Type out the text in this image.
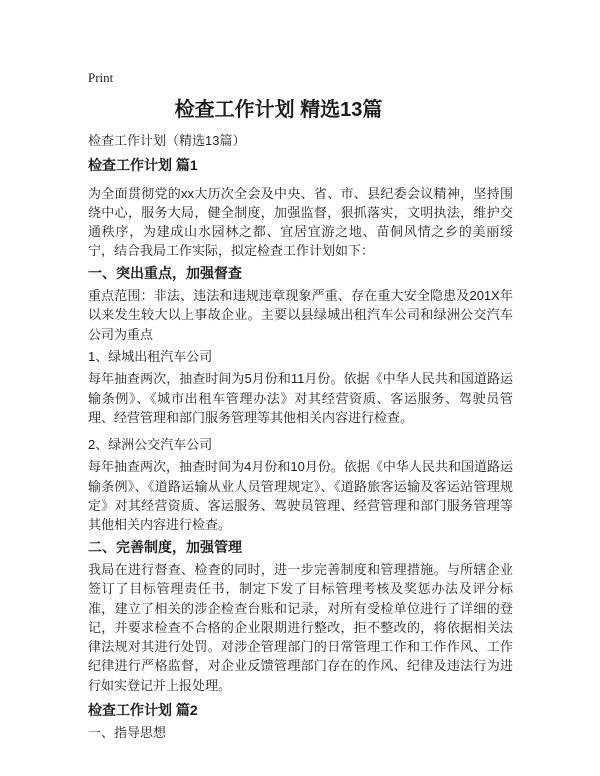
Print
检查工作计划 精选13篇
检查工作计划（精选13篇）
检查工作计划 篇1
为全面贯彻党的xx大历次全会及中央、省、市、县纪委会议精神，坚持围绕中心，服务大局，健全制度，加强监督，狠抓落实，文明执法，维护交通秩序，为建成山水园林之都、宜居宜游之地、苗侗风情之乡的美丽绥宁，结合我局工作实际，拟定检查工作计划如下：
一、突出重点，加强督查
重点范围：非法、违法和违规违章现象严重、存在重大安全隐患及201X年以来发生较大以上事故企业。主要以县绿城出租汽车公司和绿洲公交汽车公司为重点
1、绿城出租汽车公司
每年抽查两次，抽查时间为5月份和11月份。依据《中华人民共和国道路运输条例》、《城市出租车管理办法》对其经营资质、客运服务、驾驶员管理、经营管理和部门服务管理等其他相关内容进行检查。
2、绿洲公交汽车公司
每年抽查两次，抽查时间为4月份和10月份。依据《中华人民共和国道路运输条例》、《道路运输从业人员管理规定》、《道路旅客运输及客运站管理规定》对其经营资质、客运服务、驾驶员管理、经营管理和部门服务管理等其他相关内容进行检查。
二、完善制度，加强管理
我局在进行督查、检查的同时，进一步完善制度和管理措施。与所辖企业签订了目标管理责任书，制定下发了目标管理考核及奖惩办法及评分标准，建立了相关的涉企检查台账和记录，对所有受检单位进行了详细的登记，并要求检查不合格的企业限期进行整改，拒不整改的，将依据相关法律法规对其进行处罚。对涉企管理部门的日常管理工作和工作作风、工作纪律进行严格监督，对企业反馈管理部门存在的作风、纪律及违法行为进行如实登记并上报处理。
检查工作计划 篇2
一、指导思想
